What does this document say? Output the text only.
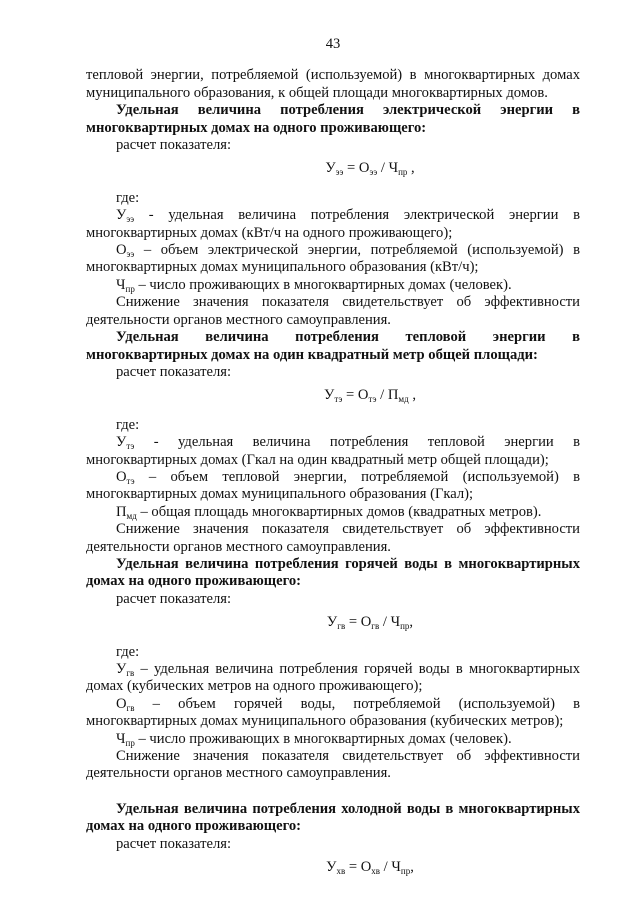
43

тепловой энергии, потребляемой (используемой) в многоквартирных домах муниципального образования, к общей площади многоквартирных домов.

Удельная величина потребления электрической энергии в многоквартирных домах на одного проживающего:

расчет показателя:

$У_{ээ} = О_{ээ} / Ч_{пр}$ ,

где:

$У_{ээ}$ - удельная величина потребления электрической энергии в многоквартирных домах (кВт/ч на одного проживающего);

$О_{ээ}$ – объем электрической энергии, потребляемой (используемой) в многоквартирных домах муниципального образования (кВт/ч);

$Ч_{пр}$ – число проживающих в многоквартирных домах (человек).

Снижение значения показателя свидетельствует об эффективности деятельности органов местного самоуправления.

Удельная величина потребления тепловой энергии в многоквартирных домах на один квадратный метр общей площади:

расчет показателя:

$У_{тэ} = О_{тэ} / П_{мд}$ ,

где:

$У_{тэ}$ - удельная величина потребления тепловой энергии в многоквартирных домах (Гкал на один квадратный метр общей площади);

$О_{тэ}$ – объем тепловой энергии, потребляемой (используемой) в многоквартирных домах муниципального образования (Гкал);

$П_{мд}$ – общая площадь многоквартирных домов (квадратных метров).

Снижение значения показателя свидетельствует об эффективности деятельности органов местного самоуправления.

Удельная величина потребления горячей воды в многоквартирных домах на одного проживающего:

расчет показателя:

$У_{гв} = О_{гв} / Ч_{пр}$,

где:

$У_{гв}$ – удельная величина потребления горячей воды в многоквартирных домах (кубических метров на одного проживающего);

$О_{гв}$ – объем горячей воды, потребляемой (используемой) в многоквартирных домах муниципального образования (кубических метров);

$Ч_{пр}$ – число проживающих в многоквартирных домах (человек).

Снижение значения показателя свидетельствует об эффективности деятельности органов местного самоуправления.

Удельная величина потребления холодной воды в многоквартирных домах на одного проживающего:

расчет показателя:

$У_{хв} = О_{хв} / Ч_{пр}$,
